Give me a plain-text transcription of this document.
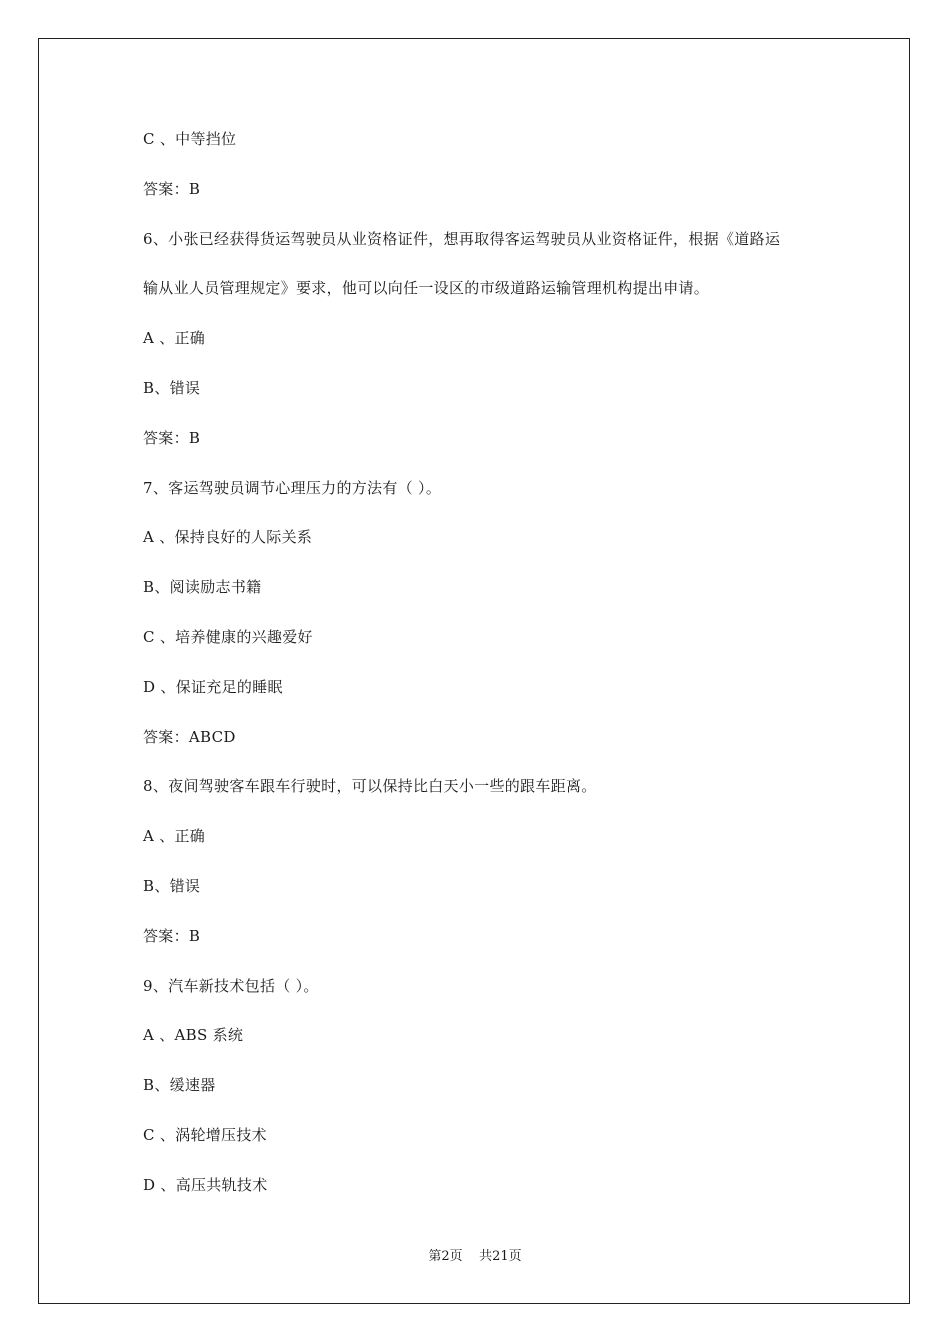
C 、中等挡位
答案：B
6、小张已经获得货运驾驶员从业资格证件，想再取得客运驾驶员从业资格证件，根据《道路运
输从业人员管理规定》要求，他可以向任一设区的市级道路运输管理机构提出申请。
A 、正确
B、错误
答案：B
7、客运驾驶员调节心理压力的方法有（ ）。
A 、保持良好的人际关系
B、阅读励志书籍
C 、培养健康的兴趣爱好
D 、保证充足的睡眠
答案：ABCD
8、夜间驾驶客车跟车行驶时，可以保持比白天小一些的跟车距离。
A 、正确
B、错误
答案：B
9、汽车新技术包括（ ）。
A 、ABS 系统
B、缓速器
C 、涡轮增压技术
D 、高压共轨技术
第2页    共21页
